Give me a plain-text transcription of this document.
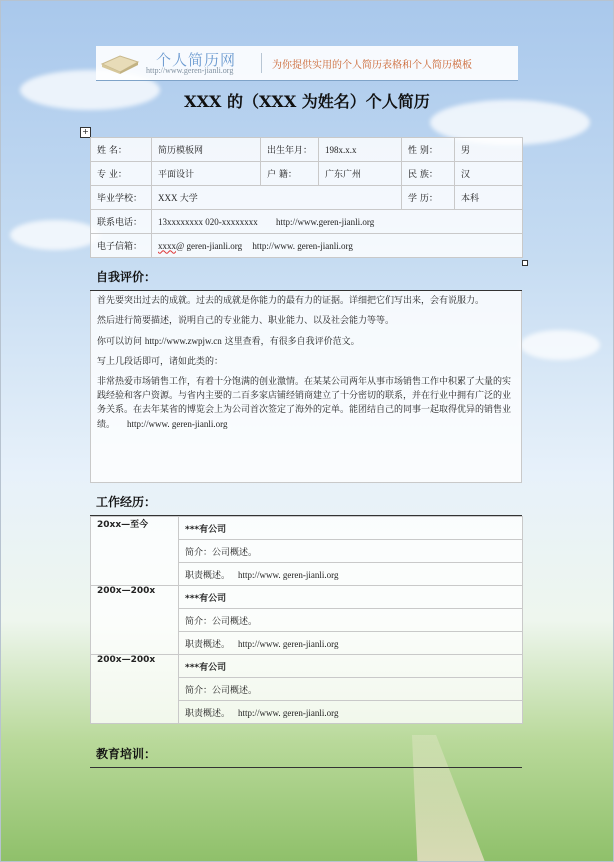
个人简历网
http://www.geren-jianli.org	为你提供实用的个人简历表格和个人简历模板
XXX 的（XXX 为姓名）个人简历
+
姓 名：	简历模板网	出生年月：	198x.x.x	性 别：	男
专 业：	平面设计	户 籍：	广东广州	民 族：	汉
毕业学校：	XXX 大学			学 历：	本科
联系电话：	13xxxxxxxx 020-xxxxxxxx http://www.geren-jianli.org				
电子信箱：	xxxx@ geren-jianli.org http://www. geren-jianli.org				
自我评价：

首先要突出过去的成就。过去的成就是你能力的最有力的证据。详细把它们写出来，会有说服力。

然后进行简要描述，说明自己的专业能力、职业能力、以及社会能力等等。

你可以访问 http://www.zwpjw.cn 这里查看，有很多自我评价范文。

写上几段话即可，诸如此类的：

非常热爱市场销售工作，有着十分饱满的创业激情。在某某公司两年从事市场销售工作中积累了大量的实践经验和客户资源。与省内主要的二百多家店铺经销商建立了十分密切的联系，并在行业中拥有广泛的业务关系。在去年某省的博览会上为公司首次签定了海外的定单。能团结自己的同事一起取得优异的销售业绩。 http://www. geren-jianli.org

工作经历：
20xx—至今	***有公司
	简介：公司概述。
	职责概述。 http://www. geren-jianli.org
200x—200x	***有公司
	简介：公司概述。
	职责概述。 http://www. geren-jianli.org
200x—200x	***有公司
	简介：公司概述。
	职责概述。 http://www. geren-jianli.org
教育培训：
